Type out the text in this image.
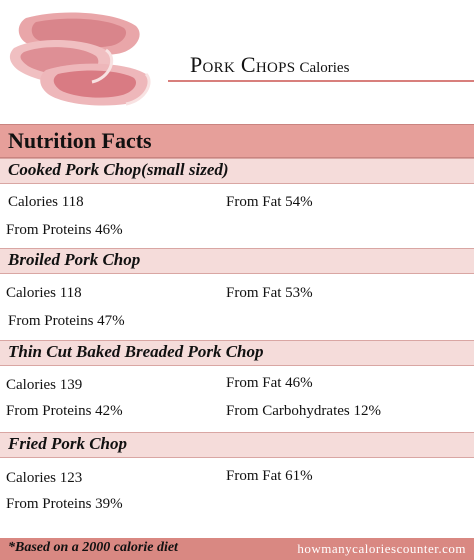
Pork Chops Calories
Nutrition Facts
Cooked Pork Chop(small sized)
Calories 118	From Fat 54%
From Proteins 46%
Broiled Pork Chop
Calories 118	From Fat 53%
From Proteins 47%
Thin Cut Baked Breaded Pork Chop
Calories 139	From Fat 46%
From Proteins 42%	From Carbohydrates 12%
Fried Pork Chop
Calories 123	From Fat 61%
From Proteins 39%
*Based on a 2000 calorie diet	howmanycaloriescounter.com
